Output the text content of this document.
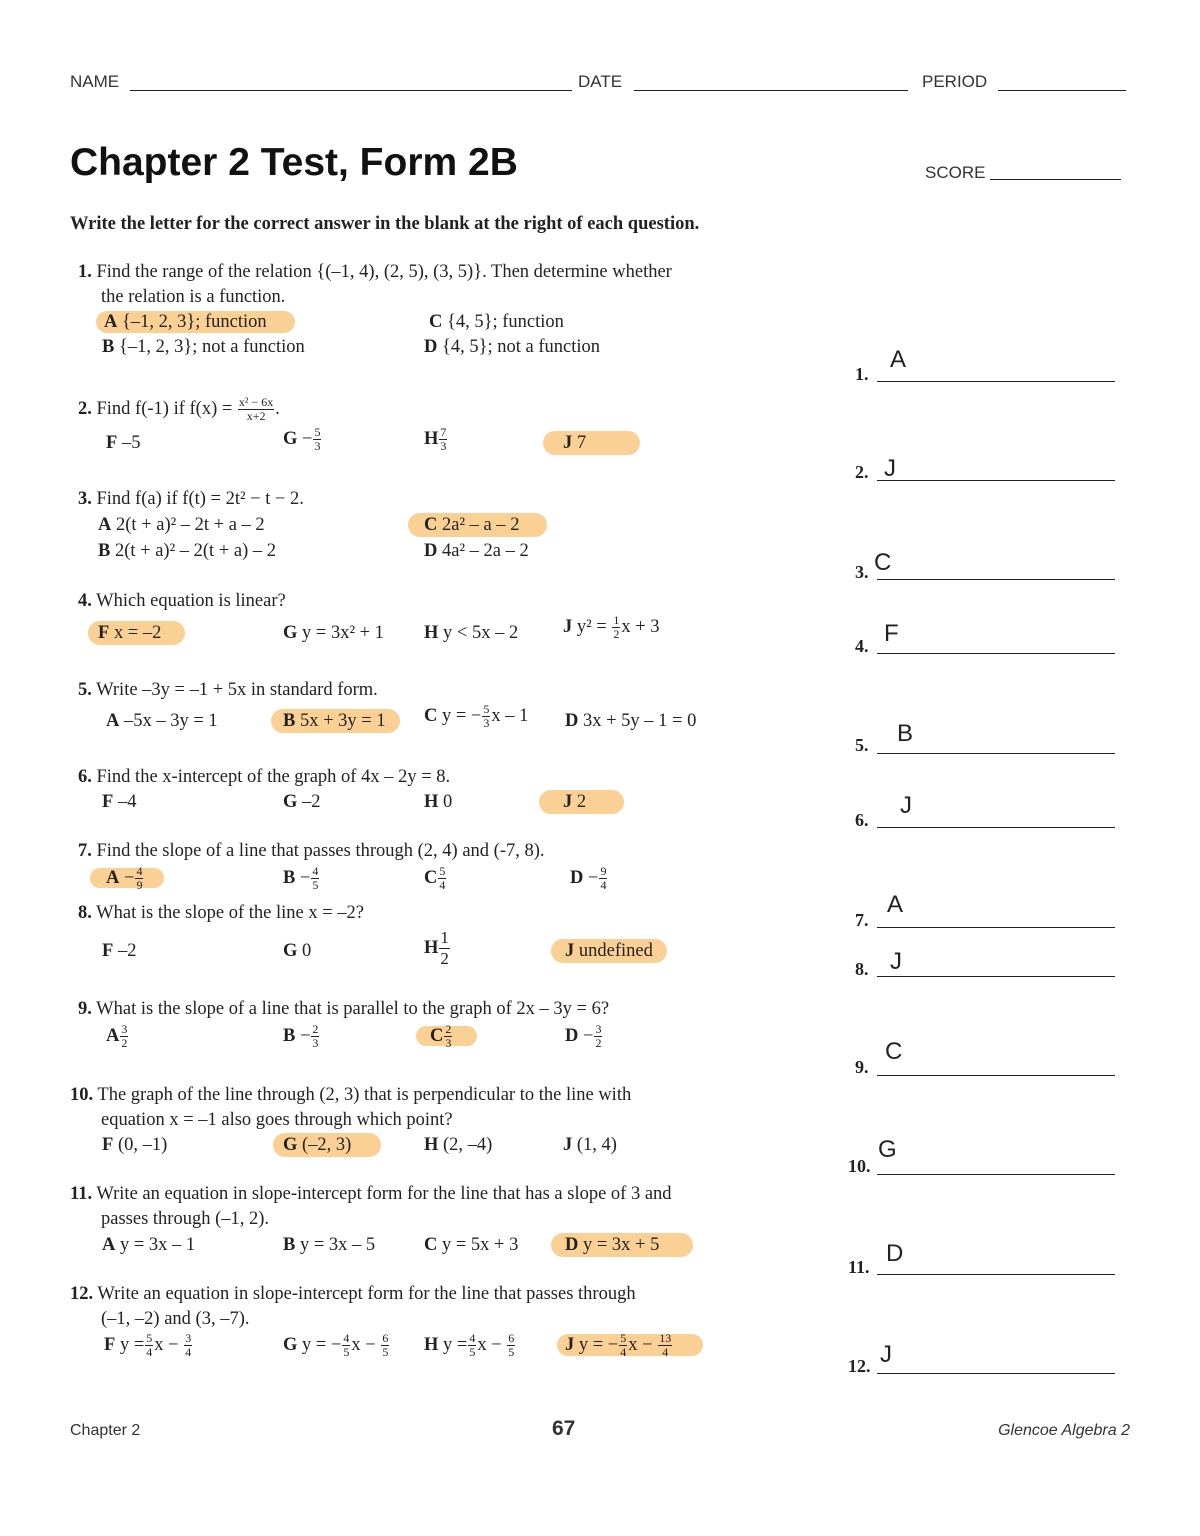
NAME	DATE	PERIOD
Chapter 2 Test, Form 2B	SCORE
Write the letter for the correct answer in the blank at the right of each question.
1. Find the range of the relation {(–1, 4), (2, 5), (3, 5)}. Then determine whether
the relation is a function.
A {–1, 2, 3}; function
B {–1, 2, 3}; not a function
C {4, 5}; function
D {4, 5}; not a function
2. Find f(-1) if $f(x) = \frac{\text{x² − 6x}}{x+2}$ .
F –5	$G - \frac{5}{3}$	H $\frac{7}{3}$	J 7
3. Find f(a) if f(t) = 2t² − t − 2.
A 2(t + a)² – 2t + a – 2
B 2(t + a)² – 2(t + a) – 2
C 2a² – a – 2
D 4a² – 2a – 2
4. Which equation is linear?
F x = –2	G y = 3x² + 1 H y < 5x – 2 J $y^2 = \frac{1}{2}$ x + 3
5. Write –3y = –1 + 5x in standard form.
A –5x – 3y = 1	B 5x + 3y = 1	C y = − $\frac{5}{3}$ x – 1 D 3x + 5y – 1 = 0
6. Find the x-intercept of the graph of 4x – 2y = 8.
F –4	G –2	H 0	J 2
7. Find the slope of a line that passes through (2, 4) and (-7, 8).
$A - \frac{4}{9}$	$B - \frac{4}{5}$	C $\frac{5}{4}$	$D - \frac{9}{4}$
8. What is the slope of the line x = –2?
F –2	G 0	H $\frac{1}{2}$	J undefined
9. What is the slope of a line that is parallel to the graph of 2x – 3y = 6?
A $\frac{3}{2}$	$B - \frac{2}{3}$	C $\frac{2}{3}$	$D - \frac{3}{2}$
10. The graph of the line through (2, 3) that is perpendicular to the line with
equation x = –1 also goes through which point?
F (0, –1)	G (–2, 3)	H (2, –4)	J (1, 4)
11. Write an equation in slope-intercept form for the line that has a slope of 3 and
passes through (–1, 2).
A y = 3x – 1	B y = 3x – 5	C y = 5x + 3	D y = 3x + 5
12. Write an equation in slope-intercept form for the line that passes through
(–1, –2) and (3, –7).
F $y = \frac{5}{4}$ $x - \frac{3}{4}$	G y = − $\frac{4}{5}$ $x - \frac{6}{5}$ H $y = \frac{4}{5}$ $x - \frac{6}{5}$	J y = − $\frac{5}{4}$ $x - \frac{13}{4}$
1.
A
2. J
3. C
4. F
5. B
6.
J
7.
A
8. J
9.
C
10.
G
11. D
12. J
Chapter 2	67	Glencoe Algebra 2
